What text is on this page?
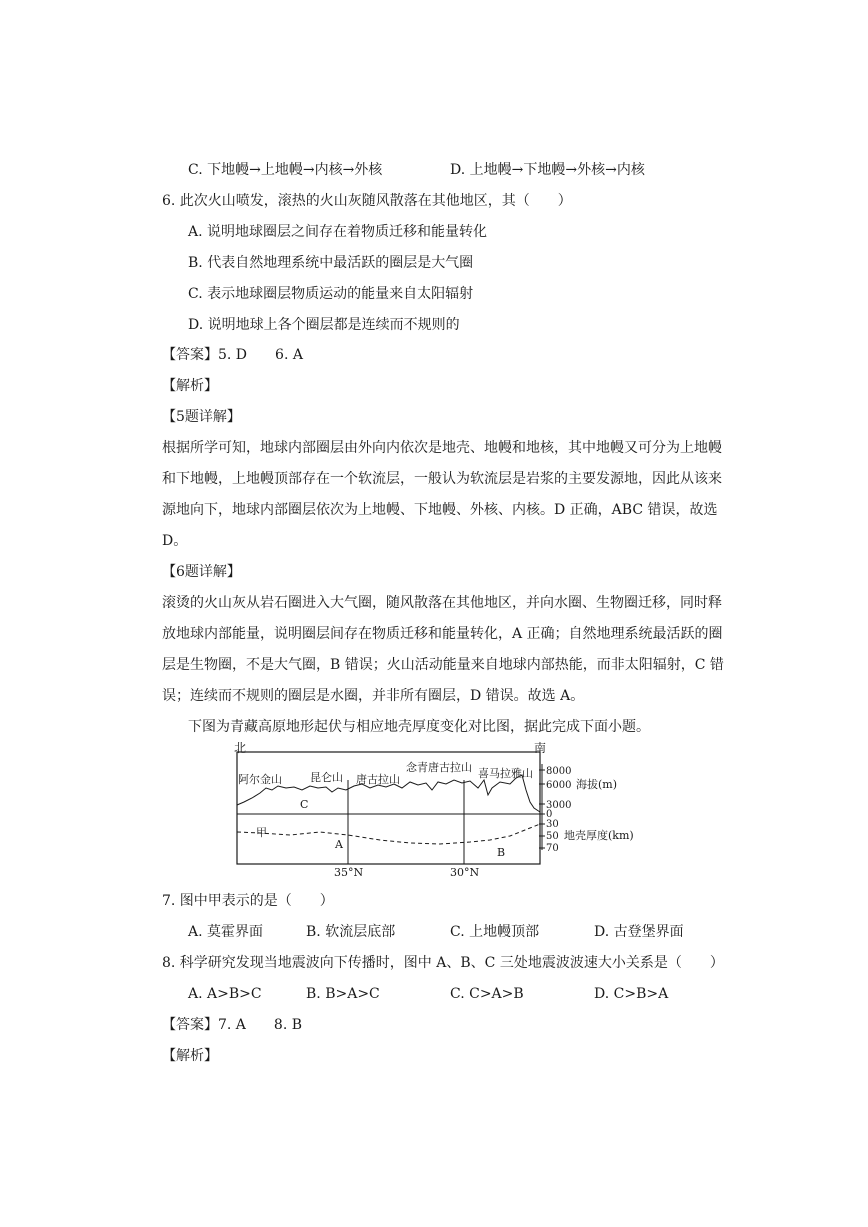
C. 下地幔→上地幔→内核→外核	D. 上地幔→下地幔→外核→内核
6. 此次火山喷发，滚热的火山灰随风散落在其他地区，其（　　）
A. 说明地球圈层之间存在着物质迁移和能量转化
B. 代表自然地理系统中最活跃的圈层是大气圈
C. 表示地球圈层物质运动的能量来自太阳辐射
D. 说明地球上各个圈层都是连续而不规则的
【答案】5. D　　6. A
【解析】
【5题详解】
根据所学可知，地球内部圈层由外向内依次是地壳、地幔和地核，其中地幔又可分为上地幔
和下地幔，上地幔顶部存在一个软流层，一般认为软流层是岩浆的主要发源地，因此从该来
源地向下，地球内部圈层依次为上地幔、下地幔、外核、内核。D 正确，ABC 错误，故选
D。
【6题详解】
滚烫的火山灰从岩石圈进入大气圈，随风散落在其他地区，并向水圈、生物圈迁移，同时释
放地球内部能量，说明圈层间存在物质迁移和能量转化，A 正确；自然地理系统最活跃的圈
层是生物圈，不是大气圈，B 错误；火山活动能量来自地球内部热能，而非太阳辐射，C 错
误；连续而不规则的圈层是水圈，并非所有圈层，D 错误。故选 A。
下图为青藏高原地形起伏与相应地壳厚度变化对比图，据此完成下面小题。
北	南
阿尔金山	昆仑山 唐古拉山
念青唐古拉山 喜马拉雅山
C
甲
A
B
8000
6000
3000
0
海拔(m)
30
50
70
地壳厚度(km)
35°N	30°N
7. 图中甲表示的是（　　）
A. 莫霍界面	B. 软流层底部	C. 上地幔顶部	D. 古登堡界面
8. 科学研究发现当地震波向下传播时，图中 A、B、C 三处地震波波速大小关系是（　　）
A. A>B>C	B. B>A>C	C. C>A>B	D. C>B>A
【答案】7. A　　8. B
【解析】
